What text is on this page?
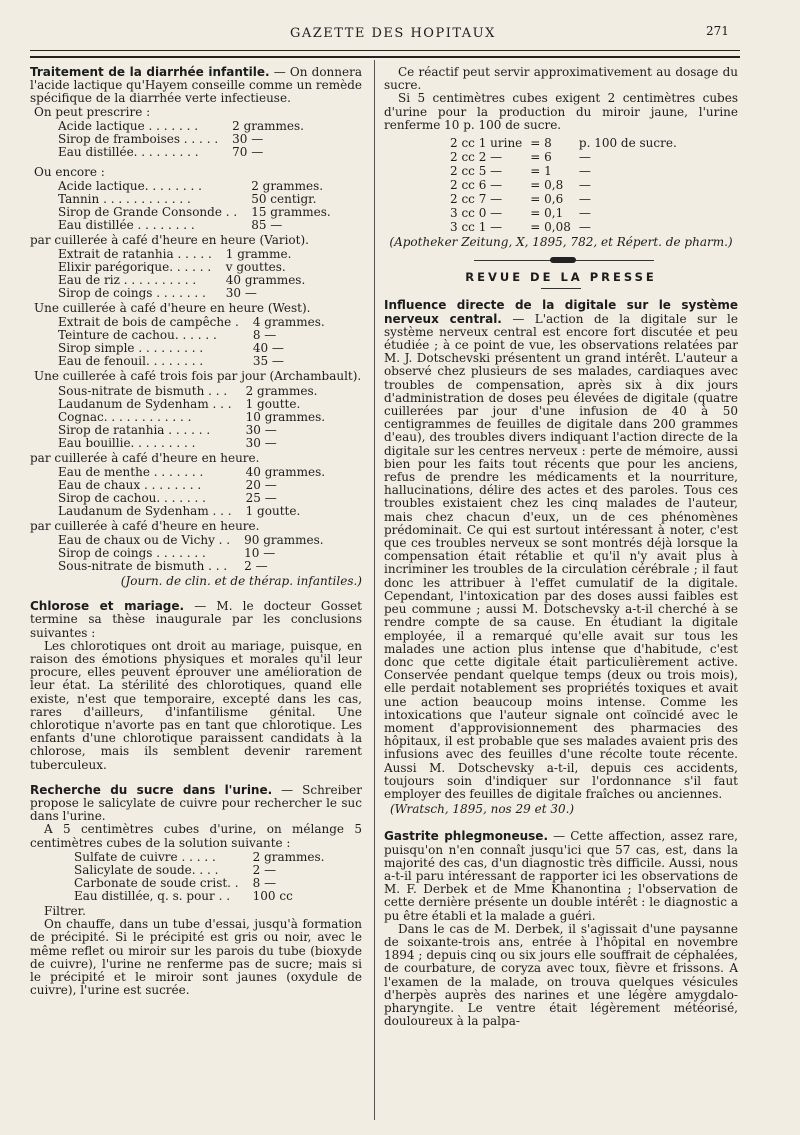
GAZETTE DES HOPITAUX	271

Traitement de la diarrhée infantile. — On donnera l'acide lactique qu'Hayem conseille comme un remède spécifique de la diarrhée verte infectieuse.

On peut prescrire :

Acide lactique . . . . . . .	2 grammes.
Sirop de framboises . . . . .	30 —
Eau distillée. . . . . . . . .	70 —

Ou encore :

Acide lactique. . . . . . . .	2 grammes.
Tannin . . . . . . . . . . . .	50 centigr.
Sirop de Grande Consonde . .	15 grammes.
Eau distillée . . . . . . . .	85 —

par cuillerée à café d'heure en heure (Variot).

Extrait de ratanhia . . . . .	1 gramme.
Elixir parégorique. . . . . .	v gouttes.
Eau de riz . . . . . . . . . .	40 grammes.
Sirop de coings . . . . . . .	30 —

Une cuillerée à café d'heure en heure (West).

Extrait de bois de campêche .	4 grammes.
Teinture de cachou. . . . . .	8 —
Sirop simple . . . . . . . . .	40 —
Eau de fenouil. . . . . . . .	35 —

Une cuillerée à café trois fois par jour (Archambault).

Sous-nitrate de bismuth . . .	2 grammes.
Laudanum de Sydenham . . .	1 goutte.
Cognac. . . . . . . . . . . .	10 grammes.
Sirop de ratanhia . . . . . .	30 —
Eau bouillie. . . . . . . . .	30 —

par cuillerée à café d'heure en heure.

Eau de menthe . . . . . . .	40 grammes.
Eau de chaux . . . . . . . .	20 —
Sirop de cachou. . . . . . .	25 —
Laudanum de Sydenham . . .	1 goutte.

par cuillerée à café d'heure en heure.

Eau de chaux ou de Vichy . .	90 grammes.
Sirop de coings . . . . . . .	10 —
Sous-nitrate de bismuth . . .	2 —

(Journ. de clin. et de thérap. infantiles.)

Chlorose et mariage. — M. le docteur Gosset termine sa thèse inaugurale par les conclusions suivantes :

Les chlorotiques ont droit au mariage, puisque, en raison des émotions physiques et morales qu'il leur procure, elles peuvent éprouver une amélioration de leur état. La stérilité des chlorotiques, quand elle existe, n'est que temporaire, excepté dans les cas, rares d'ailleurs, d'infantilisme génital. Une chlorotique n'avorte pas en tant que chlorotique. Les enfants d'une chlorotique paraissent candidats à la chlorose, mais ils semblent devenir rarement tuberculeux.

Recherche du sucre dans l'urine. — Schreiber propose le salicylate de cuivre pour rechercher le suc dans l'urine.

A 5 centimètres cubes d'urine, on mélange 5 centimètres cubes de la solution suivante :

Sulfate de cuivre . . . . .	2 grammes.
Salicylate de soude. . . .	2 —
Carbonate de soude crist. .	8 —
Eau distillée, q. s. pour . .	100 cc

Filtrer.

On chauffe, dans un tube d'essai, jusqu'à formation de précipité. Si le précipité est gris ou noir, avec le même reflet ou miroir sur les parois du tube (bioxyde de cuivre), l'urine ne renferme pas de sucre; mais si le précipité et le miroir sont jaunes (oxydule de cuivre), l'urine est sucrée.

Ce réactif peut servir approximativement au dosage du sucre.

Si 5 centimètres cubes exigent 2 centimètres cubes d'urine pour la production du miroir jaune, l'urine renferme 10 p. 100 de sucre.

2 cc 1 urine	= 8	p. 100 de sucre.
2 cc 2 —	= 6	—
2 cc 5 —	= 1	—
2 cc 6 —	= 0,8	—
2 cc 7 —	= 0,6	—
3 cc 0 —	= 0,1	—
3 cc 1 —	= 0,08	—

(Apotheker Zeitung, X, 1895, 782, et Répert. de pharm.)

REVUE DE LA PRESSE

Influence directe de la digitale sur le système nerveux central. — L'action de la digitale sur le système nerveux central est encore fort discutée et peu étudiée ; à ce point de vue, les observations relatées par M. J. Dotschevski présentent un grand intérêt. L'auteur a observé chez plusieurs de ses malades, cardiaques avec troubles de compensation, après six à dix jours d'administration de doses peu élevées de digitale (quatre cuillerées par jour d'une infusion de 40 à 50 centigrammes de feuilles de digitale dans 200 grammes d'eau), des troubles divers indiquant l'action directe de la digitale sur les centres nerveux : perte de mémoire, aussi bien pour les faits tout récents que pour les anciens, refus de prendre les médicaments et la nourriture, hallucinations, délire des actes et des paroles. Tous ces troubles existaient chez les cinq malades de l'auteur, mais chez chacun d'eux, un de ces phénomènes prédominait. Ce qui est surtout intéressant à noter, c'est que ces troubles nerveux se sont montrés déjà lorsque la compensation était rétablie et qu'il n'y avait plus à incriminer les troubles de la circulation cérébrale ; il faut donc les attribuer à l'effet cumulatif de la digitale. Cependant, l'intoxication par des doses aussi faibles est peu commune ; aussi M. Dotschevsky a-t-il cherché à se rendre compte de sa cause. En étudiant la digitale employée, il a remarqué qu'elle avait sur tous les malades une action plus intense que d'habitude, c'est donc que cette digitale était particulièrement active. Conservée pendant quelque temps (deux ou trois mois), elle perdait notablement ses propriétés toxiques et avait une action beaucoup moins intense. Comme les intoxications que l'auteur signale ont coïncidé avec le moment d'approvisionnement des pharmacies des hôpitaux, il est probable que ses malades avaient pris des infusions avec des feuilles d'une récolte toute récente. Aussi M. Dotschevsky a-t-il, depuis ces accidents, toujours soin d'indiquer sur l'ordonnance s'il faut employer des feuilles de digitale fraîches ou anciennes.

(Wratsch, 1895, nos 29 et 30.)

Gastrite phlegmoneuse. — Cette affection, assez rare, puisqu'on n'en connaît jusqu'ici que 57 cas, est, dans la majorité des cas, d'un diagnostic très difficile. Aussi, nous a-t-il paru intéressant de rapporter ici les observations de M. F. Derbek et de Mme Khanontina ; l'observation de cette dernière présente un double intérêt : le diagnostic a pu être établi et la malade a guéri.

Dans le cas de M. Derbek, il s'agissait d'une paysanne de soixante-trois ans, entrée à l'hôpital en novembre 1894 ; depuis cinq ou six jours elle souffrait de céphalées, de courbature, de coryza avec toux, fièvre et frissons. A l'examen de la malade, on trouva quelques vésicules d'herpès auprès des narines et une légère amygdalo-pharyngite. Le ventre était légèrement météorisé, douloureux à la palpa-
